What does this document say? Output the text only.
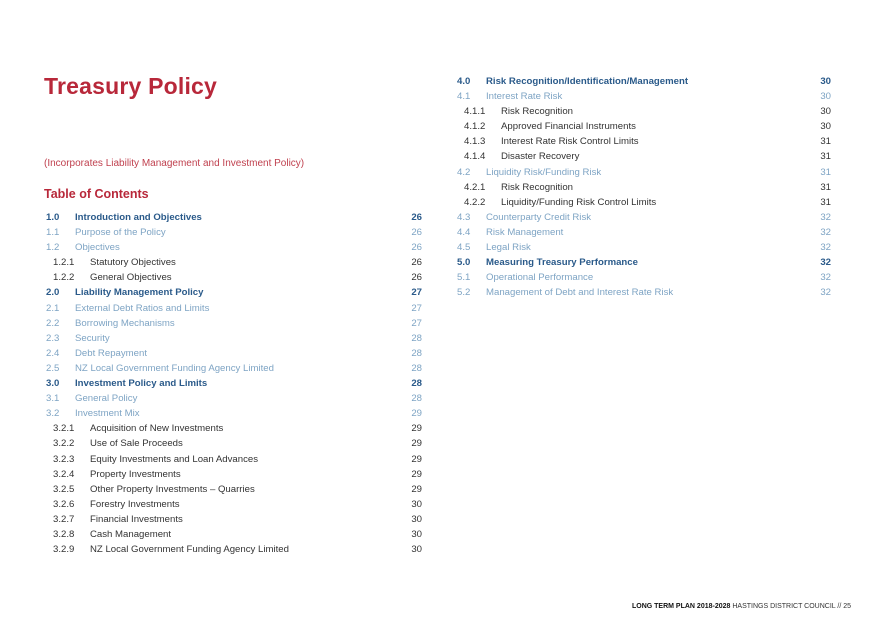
Treasury Policy
(Incorporates Liability Management and Investment Policy)
Table of Contents
1.0 Introduction and Objectives	26
1.1 Purpose of the Policy	26
1.2 Objectives	26
1.2.1 Statutory Objectives	26
1.2.2 General Objectives	26
2.0 Liability Management Policy	27
2.1 External Debt Ratios and Limits	27
2.2 Borrowing Mechanisms	27
2.3 Security	28
2.4 Debt Repayment	28
2.5 NZ Local Government Funding Agency Limited	28
3.0 Investment Policy and Limits	28
3.1 General Policy	28
3.2 Investment Mix	29
3.2.1 Acquisition of New Investments	29
3.2.2 Use of Sale Proceeds	29
3.2.3 Equity Investments and Loan Advances	29
3.2.4 Property Investments	29
3.2.5 Other Property Investments – Quarries	29
3.2.6 Forestry Investments	30
3.2.7 Financial Investments	30
3.2.8 Cash Management	30
3.2.9 NZ Local Government Funding Agency Limited	30
4.0 Risk Recognition/Identification/Management	30
4.1 Interest Rate Risk	30
4.1.1 Risk Recognition	30
4.1.2 Approved Financial Instruments	30
4.1.3 Interest Rate Risk Control Limits	31
4.1.4 Disaster Recovery	31
4.2 Liquidity Risk/Funding Risk	31
4.2.1 Risk Recognition	31
4.2.2 Liquidity/Funding Risk Control Limits	31
4.3 Counterparty Credit Risk	32
4.4 Risk Management	32
4.5 Legal Risk	32
5.0 Measuring Treasury Performance	32
5.1 Operational Performance	32
5.2 Management of Debt and Interest Rate Risk	32
LONG TERM PLAN 2018-2028 HASTINGS DISTRICT COUNCIL // 25
